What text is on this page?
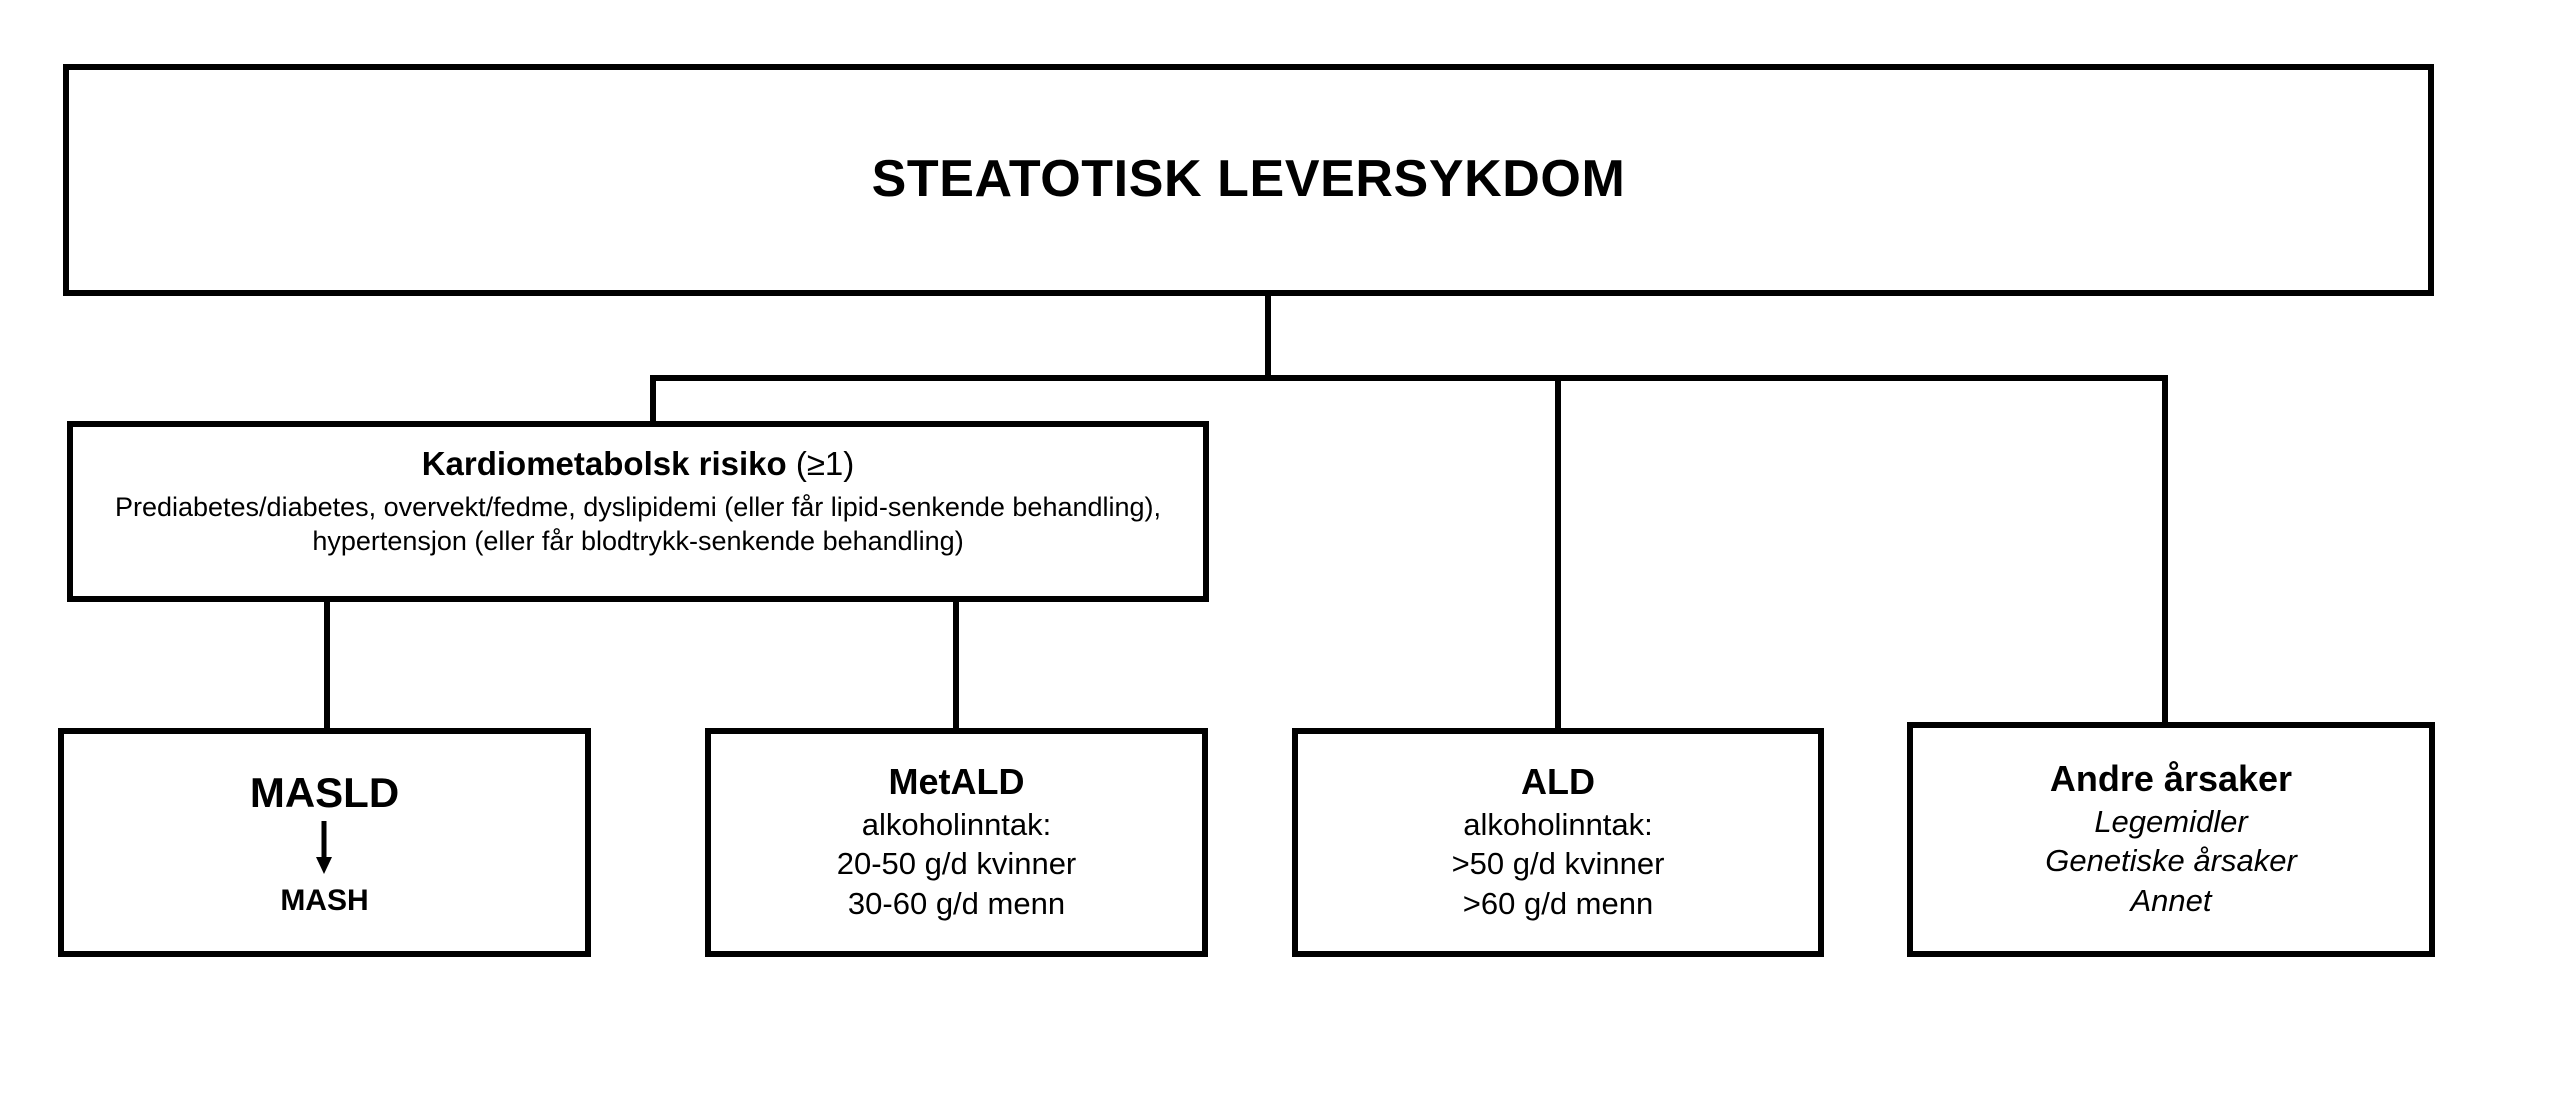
STEATOTISK LEVERSYKDOM
Kardiometabolsk risiko (≥1)
Prediabetes/diabetes, overvekt/fedme, dyslipidemi (eller får lipid-senkende behandling), hypertensjon (eller får blodtrykk-senkende behandling)
MASLD
MASH
MetALD
alkoholinntak:
20-50 g/d kvinner
30-60 g/d menn
ALD
alkoholinntak:
>50 g/d kvinner
>60 g/d menn
Andre årsaker
Legemidler
Genetiske årsaker
Annet
